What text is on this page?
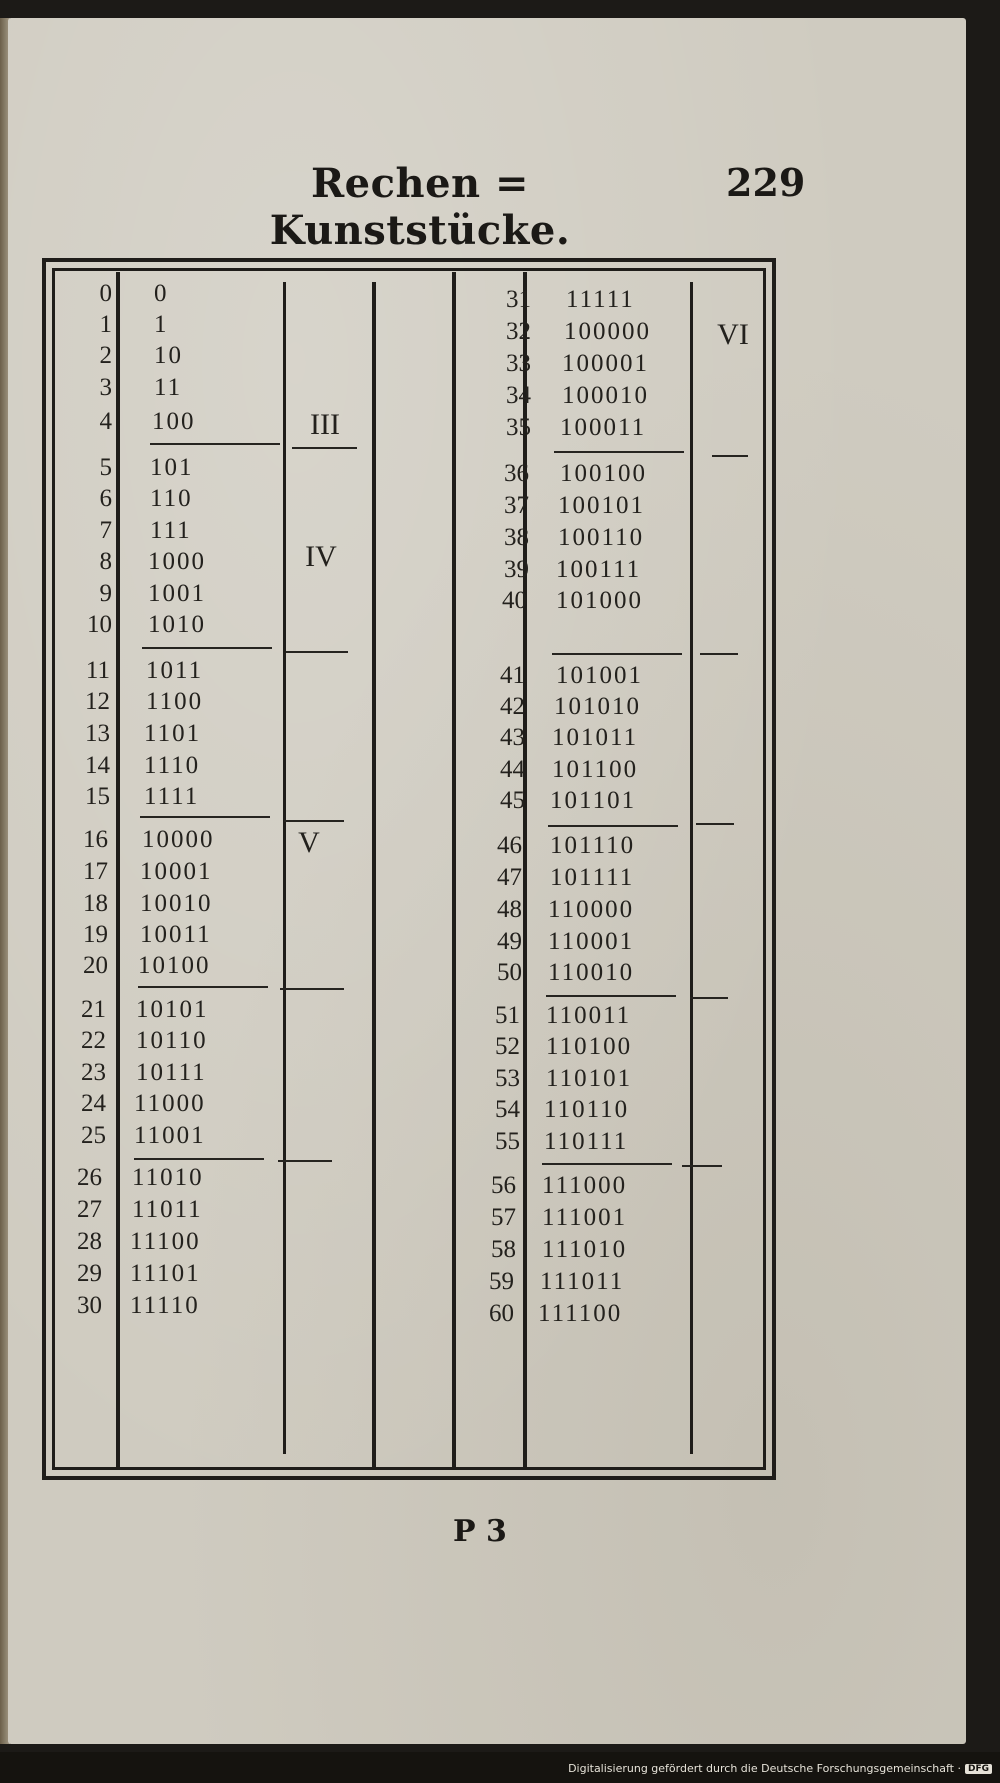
Rechen = Kunststücke.
229
0 0
1 1
2 10
3 11
4 100
5 101
6 110
7 111
8 1000
9 1001
10 1010
11 1011
12 1100
13 1101
14 1110
15 1111
16 10000
17 10001
18 10010
19 10011
20 10100
21 10101
22 10110
23 10111
24 11000
25 11001
26 11010
27 11011
28 11100
29 11101
30 11110
III
IV
V
31 11111
32 100000
33 100001
34 100010
35 100011
36 100100
37 100101
38 100110
39 100111
40 101000
41 101001
42 101010
43 101011
44 101100
45 101101
46 101110
47 101111
48 110000
49 110001
50 110010
51 110011
52 110100
53 110101
54 110110
55 110111
56 111000
57 111001
58 111010
59 111011
60 111100
VI
P 3
Digitalisierung gefördert durch die Deutsche Forschungsgemeinschaft · DFG
